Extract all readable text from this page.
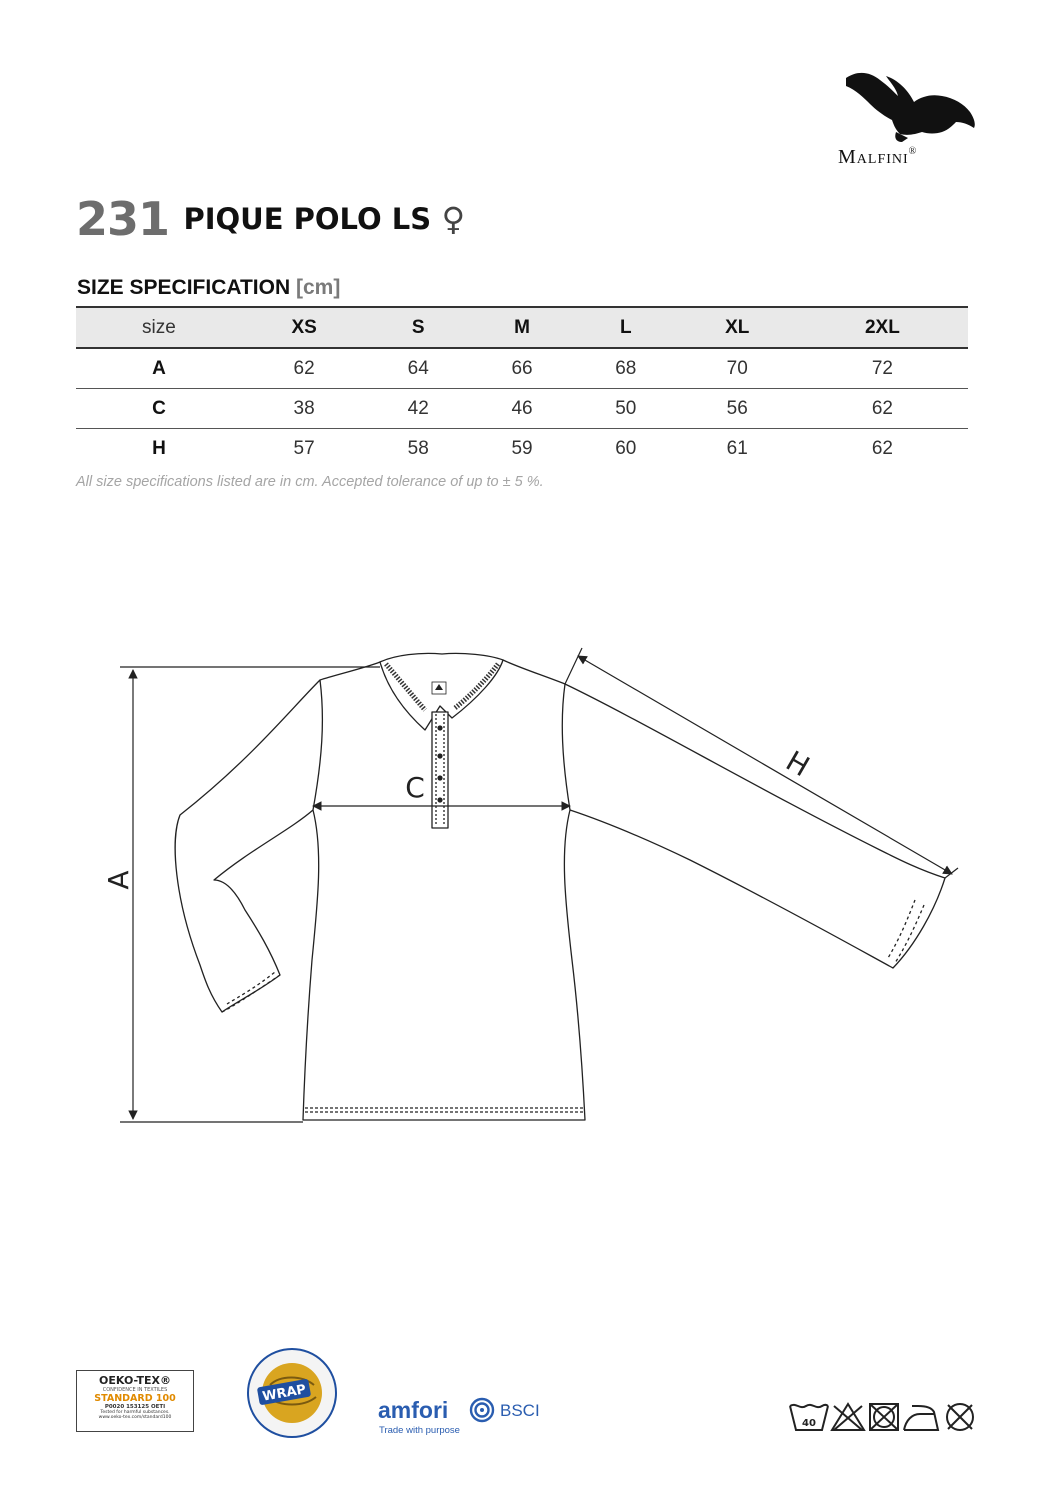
Malfini®
231 PIQUE POLO LS ♀
SIZE SPECIFICATION [cm]
size	XS	S	M	L	XL	2XL
A	62	64	66	68	70	72
C	38	42	46	50	56	62
H	57	58	59	60	61	62
All size specifications listed are in cm. Accepted tolerance of up to ± 5 %.
A
C
H
OEKO-TEX®
CONFIDENCE IN TEXTILES
STANDARD 100
P0020 153125 OETI
Tested for harmful substances.
www.oeko-tex.com/standard100
WRAP
amfori	BSCI
Trade with purpose
40
